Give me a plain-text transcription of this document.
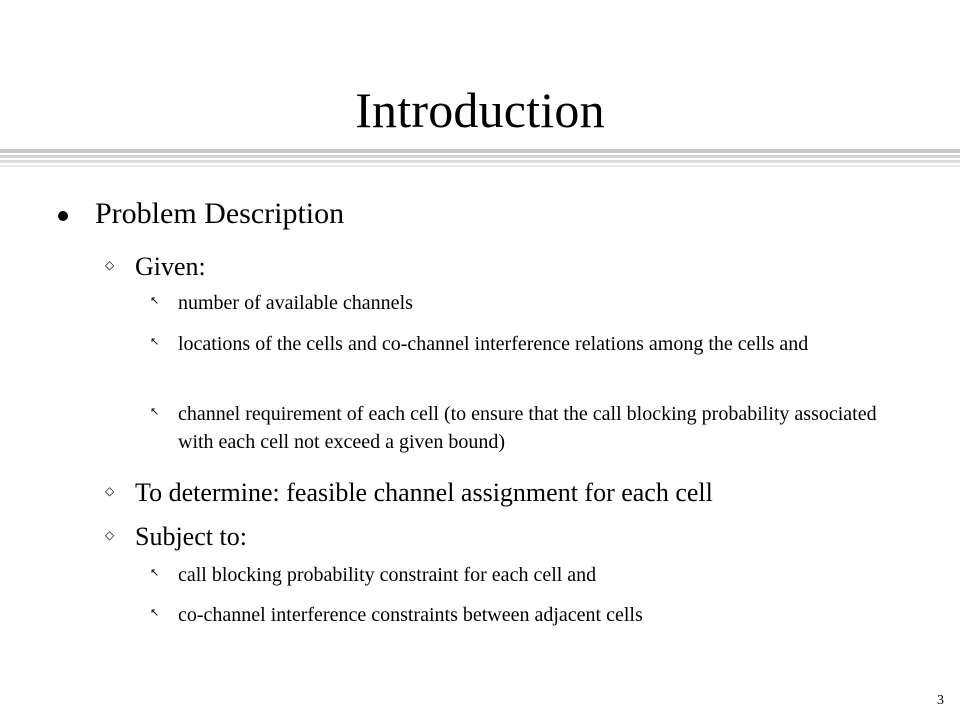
Introduction
Problem Description
◇ Given:
↖ number of available channels
↖ locations of the cells and co-channel interference relations among the cells and
↖ channel requirement of each cell (to ensure that the call blocking probability associated with each cell not exceed a given bound)
◇ To determine: feasible channel assignment for each cell
◇ Subject to:
↖ call blocking probability constraint for each cell and
↖ co-channel interference constraints between adjacent cells
3
